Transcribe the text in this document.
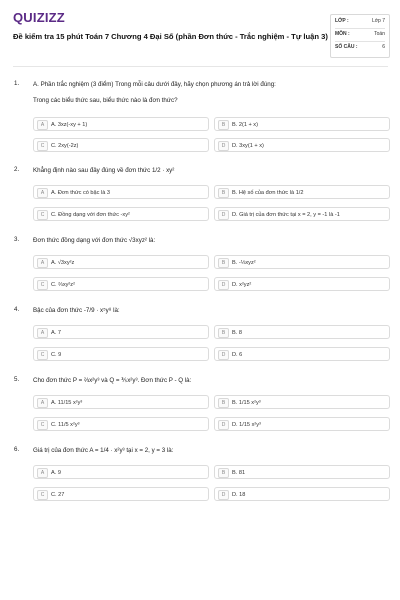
QUIZIZZ
Đề kiểm tra 15 phút Toán 7 Chương 4 Đại Số (phần Đơn thức - Trắc nghiệm - Tự luận 3)
LỚP :	Lớp 7
MÔN :	Toán
SỐ CÂU :	6
1. A. Phần trắc nghiệm (3 điểm) Trong mỗi câu dưới đây, hãy chọn phương án trả lời đúng:
Trong các biểu thức sau, biểu thức nào là đơn thức?
A	A. 3xz(-xy + 1)	B	B. 2(1 + x)
C	C. 2xy(-2z)	D	D. 3xy(1 + x)
2. Khẳng định nào sau đây đúng về đơn thức 1/2 · xy²
A	A. Đơn thức có bậc là 3	B	B. Hệ số của đơn thức là 1/2
C	C. Đồng dạng với đơn thức -xy²	D	D. Giá trị của đơn thức tại x = 2, y = -1 là -1
3. Đơn thức đồng dạng với đơn thức √3xyz² là:
A	A. √3xy²z	B	B. -⅓xyz²
C	C. ⅔xy²z²	D	D. x²yz²
4. Bậc của đơn thức -7/9 · x⁵y⁸ là:
A	A. 7	B	B. 8
C	C. 9	D	D. 6
5. Cho đơn thức P = ⅔x²y³ và Q = ⅗x²y³. Đơn thức P - Q là:
A	A. 11/15 x²y³	B	B. 1/15 x²y³
C	C. 11/5 x²y³	D	D. 1/15 x²y³
6. Giá trị của đơn thức A = 1/4 · x²y³ tại x = 2, y = 3 là:
A	A. 9	B	B. 81
C	C. 27	D	D. 18
